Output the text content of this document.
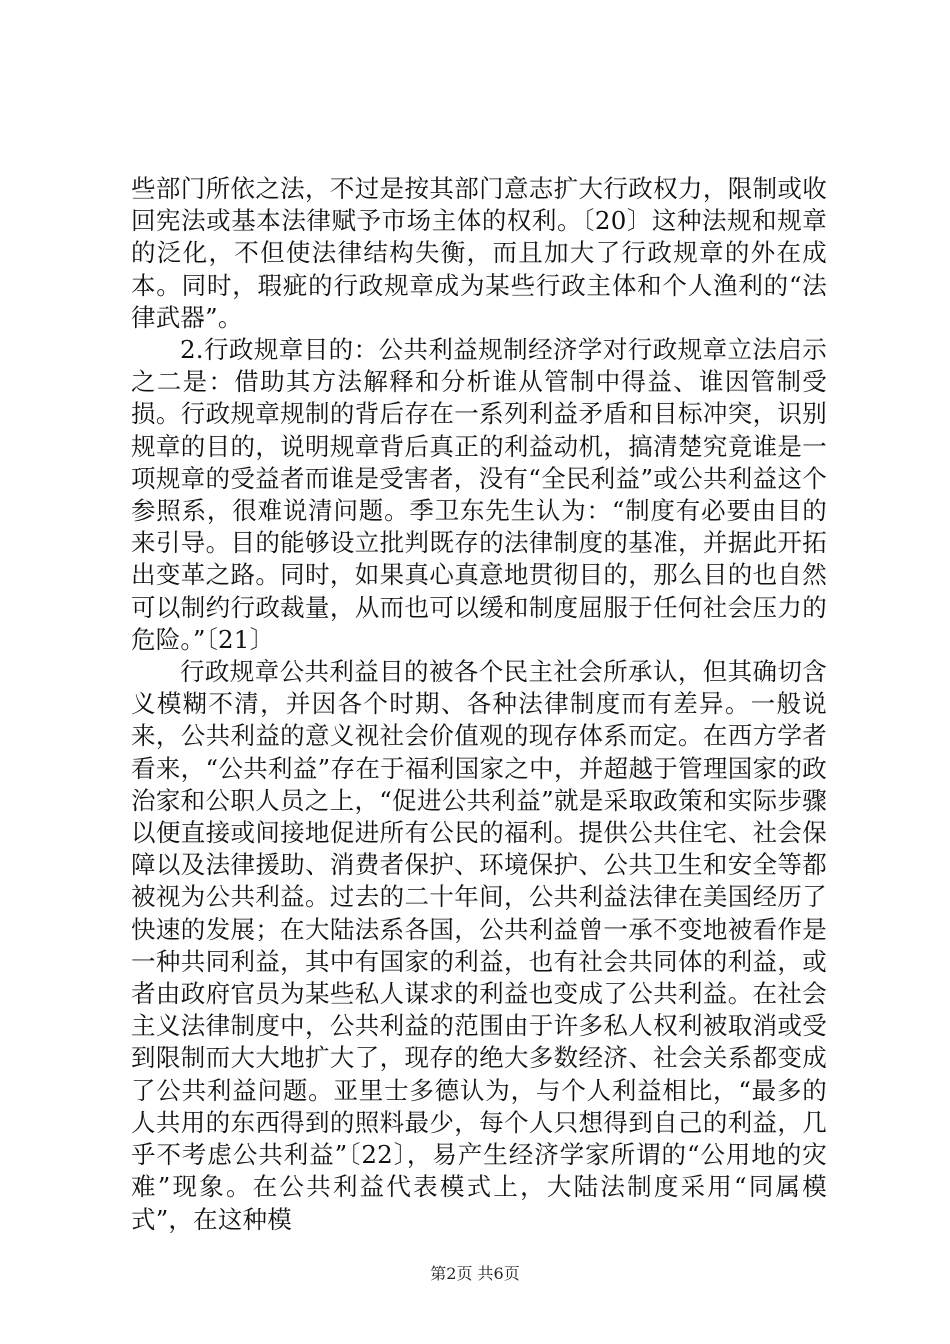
些部门所依之法，不过是按其部门意志扩大行政权力，限制或收回宪法或基本法律赋予市场主体的权利。〔20〕这种法规和规章的泛化，不但使法律结构失衡，而且加大了行政规章的外在成本。同时，瑕疵的行政规章成为某些行政主体和个人渔利的“法律武器”。

2.行政规章目的：公共利益规制经济学对行政规章立法启示之二是：借助其方法解释和分析谁从管制中得益、谁因管制受损。行政规章规制的背后存在一系列利益矛盾和目标冲突，识别规章的目的，说明规章背后真正的利益动机，搞清楚究竟谁是一项规章的受益者而谁是受害者，没有“全民利益”或公共利益这个参照系，很难说清问题。季卫东先生认为：“制度有必要由目的来引导。目的能够设立批判既存的法律制度的基准，并据此开拓出变革之路。同时，如果真心真意地贯彻目的，那么目的也自然可以制约行政裁量，从而也可以缓和制度屈服于任何社会压力的危险。”〔21〕

行政规章公共利益目的被各个民主社会所承认，但其确切含义模糊不清，并因各个时期、各种法律制度而有差异。一般说来，公共利益的意义视社会价值观的现存体系而定。在西方学者看来，“公共利益”存在于福利国家之中，并超越于管理国家的政治家和公职人员之上，“促进公共利益”就是采取政策和实际步骤以便直接或间接地促进所有公民的福利。提供公共住宅、社会保障以及法律援助、消费者保护、环境保护、公共卫生和安全等都被视为公共利益。过去的二十年间，公共利益法律在美国经历了快速的发展；在大陆法系各国，公共利益曾一承不变地被看作是一种共同利益，其中有国家的利益，也有社会共同体的利益，或者由政府官员为某些私人谋求的利益也变成了公共利益。在社会主义法律制度中，公共利益的范围由于许多私人权利被取消或受到限制而大大地扩大了，现存的绝大多数经济、社会关系都变成了公共利益问题。亚里士多德认为，与个人利益相比，“最多的人共用的东西得到的照料最少，每个人只想得到自己的利益，几乎不考虑公共利益”〔22〕，易产生经济学家所谓的“公用地的灾难”现象。在公共利益代表模式上，大陆法制度采用“同属模式”，在这种模

第2页 共6页
